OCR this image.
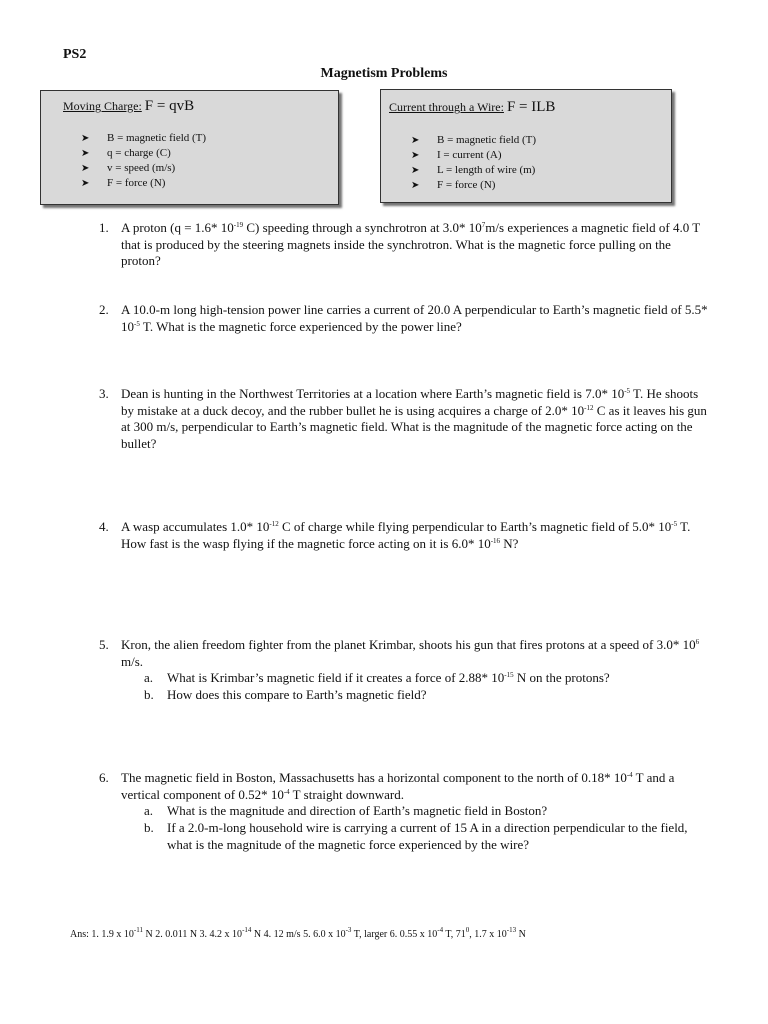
PS2
Magnetism Problems
Moving Charge: F = qvB
➤ B = magnetic field (T)
➤ q = charge (C)
➤ v = speed (m/s)
➤ F = force (N)
Current through a Wire: F = ILB
➤ B = magnetic field (T)
➤ I = current (A)
➤ L = length of wire (m)
➤ F = force (N)
1. A proton (q = 1.6* $10^{-19}$ C) speeding through a synchrotron at 3.0* $10^7m/s$ experiences a magnetic field of 4.0 T that is produced by the steering magnets inside the synchrotron. What is the magnetic force pulling on the proton?
2. A 10.0-m long high-tension power line carries a current of 20.0 A perpendicular to Earth’s magnetic field of 5.5* $10^{-5}$ T. What is the magnetic force experienced by the power line?
3. Dean is hunting in the Northwest Territories at a location where Earth’s magnetic field is 7.0* $10^{-5}$ T. He shoots by mistake at a duck decoy, and the rubber bullet he is using acquires a charge of 2.0* $10^{-12}$ C as it leaves his gun at 300 m/s, perpendicular to Earth’s magnetic field. What is the magnitude of the magnetic force acting on the bullet?
4. A wasp accumulates 1.0* $10^{-12}$ C of charge while flying perpendicular to Earth’s magnetic field of 5.0* $10^{-5}$ T. How fast is the wasp flying if the magnetic force acting on it is 6.0* $10^{-16}$ N?
5. Kron, the alien freedom fighter from the planet Krimbar, shoots his gun that fires protons at a speed of 3.0* $10^6$ m/s.
a. What is Krimbar’s magnetic field if it creates a force of 2.88* $10^{-15}$ N on the protons?
b. How does this compare to Earth’s magnetic field?
6. The magnetic field in Boston, Massachusetts has a horizontal component to the north of 0.18* $10^{-4}$ T and a vertical component of 0.52* $10^{-4}$ T straight downward.
a. What is the magnitude and direction of Earth’s magnetic field in Boston?
b. If a 2.0-m-long household wire is carrying a current of 15 A in a direction perpendicular to the field, what is the magnitude of the magnetic force experienced by the wire?
Ans: 1. 1.9 x $10^{-11}$ N 2. 0.011 N 3. 4.2 x $10^{-14}$ N 4. 12 m/s 5. 6.0 x $10^{-3}$ T, larger 6. 0.55 x $10^{-4}$ T, $71^0$, 1.7 x $10^{-13}$ N
